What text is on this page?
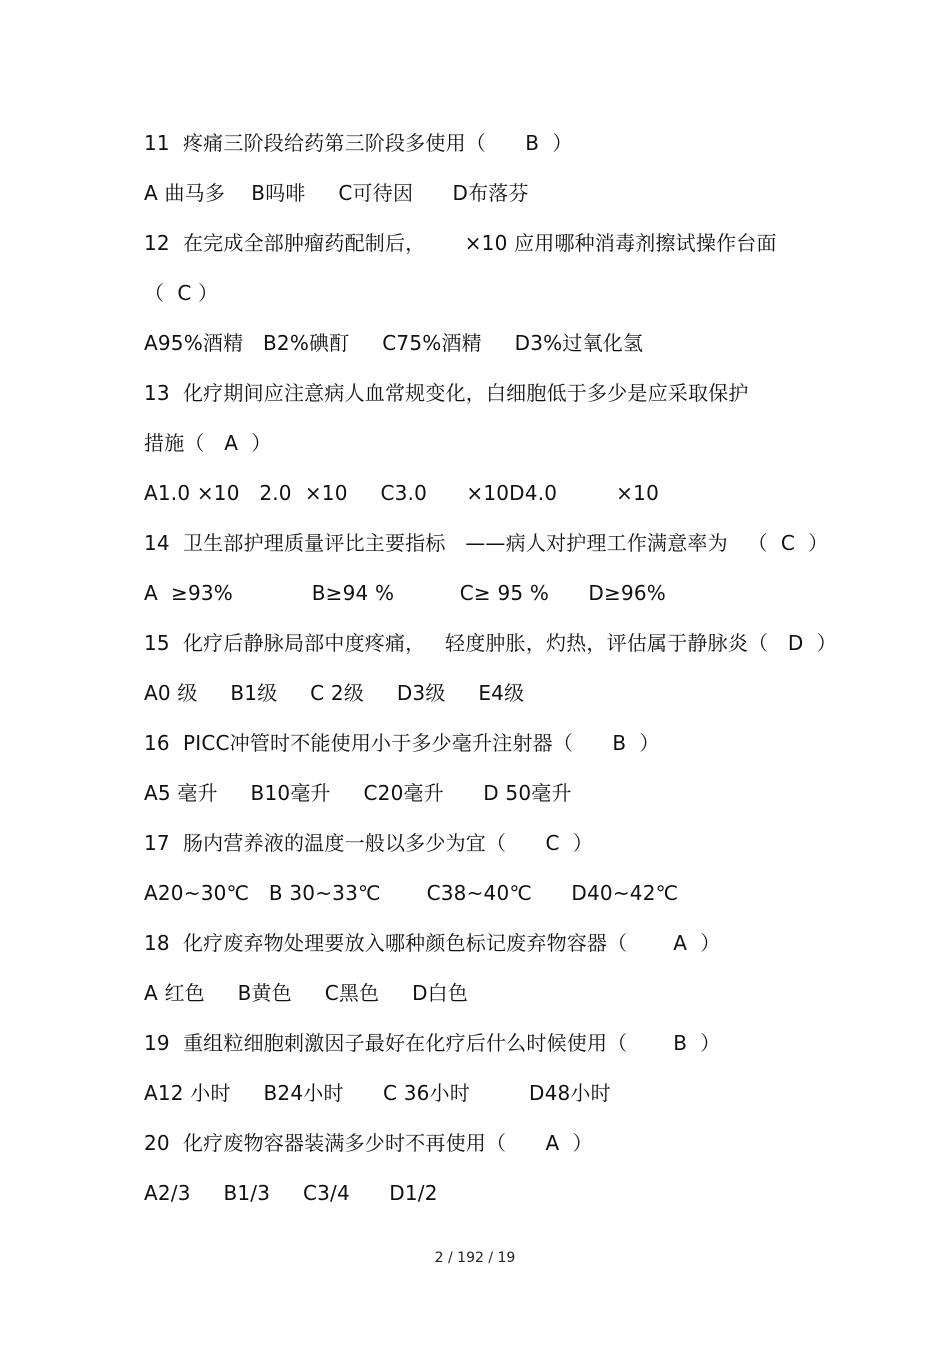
11  疼痛三阶段给药第三阶段多使用（      B  ）
A 曲马多    B吗啡     C可待因      D布落芬
12  在完成全部肿瘤药配制后，      ×10 应用哪种消毒剂擦试操作台面
（  C ）
A95%酒精   B2%碘酊     C75%酒精     D3%过氧化氢
13  化疗期间应注意病人血常规变化，白细胞低于多少是应采取保护
措施（   A  ）
A1.0 ×10   2.0  ×10     C3.0      ×10D4.0         ×10
14  卫生部护理质量评比主要指标   ——病人对护理工作满意率为   （  C  ）
A  ≥93%            B≥94 %          C≥ 95 %      D≥96%
15  化疗后静脉局部中度疼痛，   轻度肿胀，灼热，评估属于静脉炎（   D  ）
A0 级     B1级     C 2级     D3级     E4级
16  PICC冲管时不能使用小于多少毫升注射器（      B  ）
A5 毫升     B10毫升     C20毫升      D 50毫升
17  肠内营养液的温度一般以多少为宜（      C  ）
A20~30℃   B 30~33℃       C38~40℃      D40~42℃
18  化疗废弃物处理要放入哪种颜色标记废弃物容器（       A  ）
A 红色     B黄色     C黑色     D白色
19  重组粒细胞刺激因子最好在化疗后什么时候使用（       B  ）
A12 小时     B24小时      C 36小时         D48小时
20  化疗废物容器装满多少时不再使用（      A  ）
A2/3     B1/3     C3/4      D1/2
2 / 192 / 19
